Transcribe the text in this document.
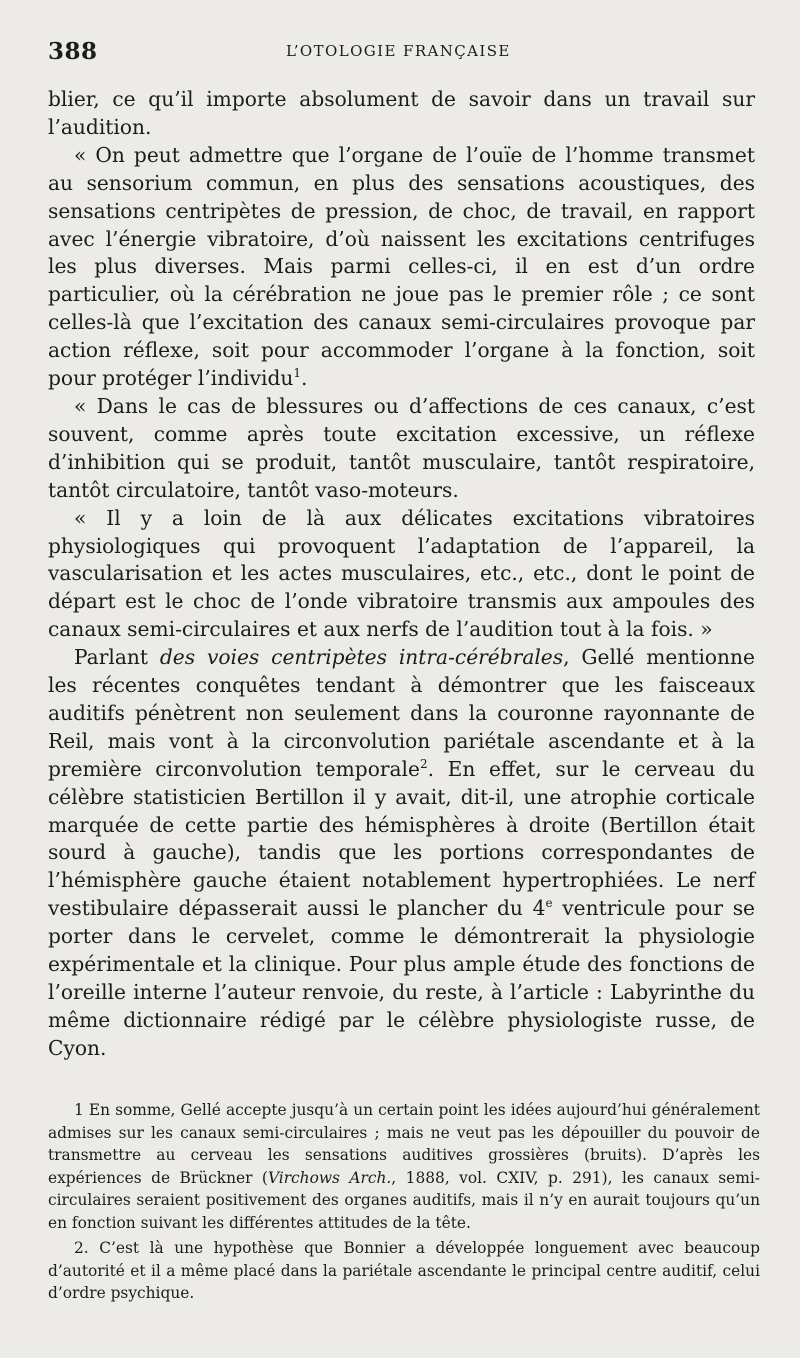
388	L’OTOLOGIE FRANÇAISE

blier, ce qu’il importe absolument de savoir dans un travail sur l’audition.

« On peut admettre que l’organe de l’ouïe de l’homme transmet au sensorium commun, en plus des sensations acoustiques, des sensations centripètes de pression, de choc, de travail, en rapport avec l’énergie vibratoire, d’où naissent les excitations centrifuges les plus diverses. Mais parmi celles-ci, il en est d’un ordre particulier, où la cérébration ne joue pas le premier rôle ; ce sont celles-là que l’excitation des canaux semi-circulaires provoque par action réflexe, soit pour accommoder l’organe à la fonction, soit pour protéger l’individu$^1$.

« Dans le cas de blessures ou d’affections de ces canaux, c’est souvent, comme après toute excitation excessive, un réflexe d’inhibition qui se produit, tantôt musculaire, tantôt respiratoire, tantôt circulatoire, tantôt vaso-moteurs.

« Il y a loin de là aux délicates excitations vibratoires physiologiques qui provoquent l’adaptation de l’appareil, la vascularisation et les actes musculaires, etc., etc., dont le point de départ est le choc de l’onde vibratoire transmis aux ampoules des canaux semi-circulaires et aux nerfs de l’audition tout à la fois. »

Parlant des voies centripètes intra-cérébrales, Gellé mentionne les récentes conquêtes tendant à démontrer que les faisceaux auditifs pénètrent non seulement dans la couronne rayonnante de Reil, mais vont à la circonvolution pariétale ascendante et à la première circonvolution temporale$^2$. En effet, sur le cerveau du célèbre statisticien Bertillon il y avait, dit-il, une atrophie corticale marquée de cette partie des hémisphères à droite (Bertillon était sourd à gauche), tandis que les portions correspondantes de l’hémisphère gauche étaient notablement hypertrophiées. Le nerf vestibulaire dépasserait aussi le plancher du 4e ventricule pour se porter dans le cervelet, comme le démontrerait la physiologie expérimentale et la clinique. Pour plus ample étude des fonctions de l’oreille interne l’auteur renvoie, du reste, à l’article : Labyrinthe du même dictionnaire rédigé par le célèbre physiologiste russe, de Cyon.

1 En somme, Gellé accepte jusqu’à un certain point les idées aujourd’hui généralement admises sur les canaux semi-circulaires ; mais ne veut pas les dépouiller du pouvoir de transmettre au cerveau les sensations auditives grossières (bruits). D’après les expériences de Brückner (Virchows Arch., 1888, vol. CXIV, p. 291), les canaux semi-circulaires seraient positivement des organes auditifs, mais il n’y en aurait toujours qu’un en fonction suivant les différentes attitudes de la tête.

2. C’est là une hypothèse que Bonnier a développée longuement avec beaucoup d’autorité et il a même placé dans la pariétale ascendante le principal centre auditif, celui d’ordre psychique.
